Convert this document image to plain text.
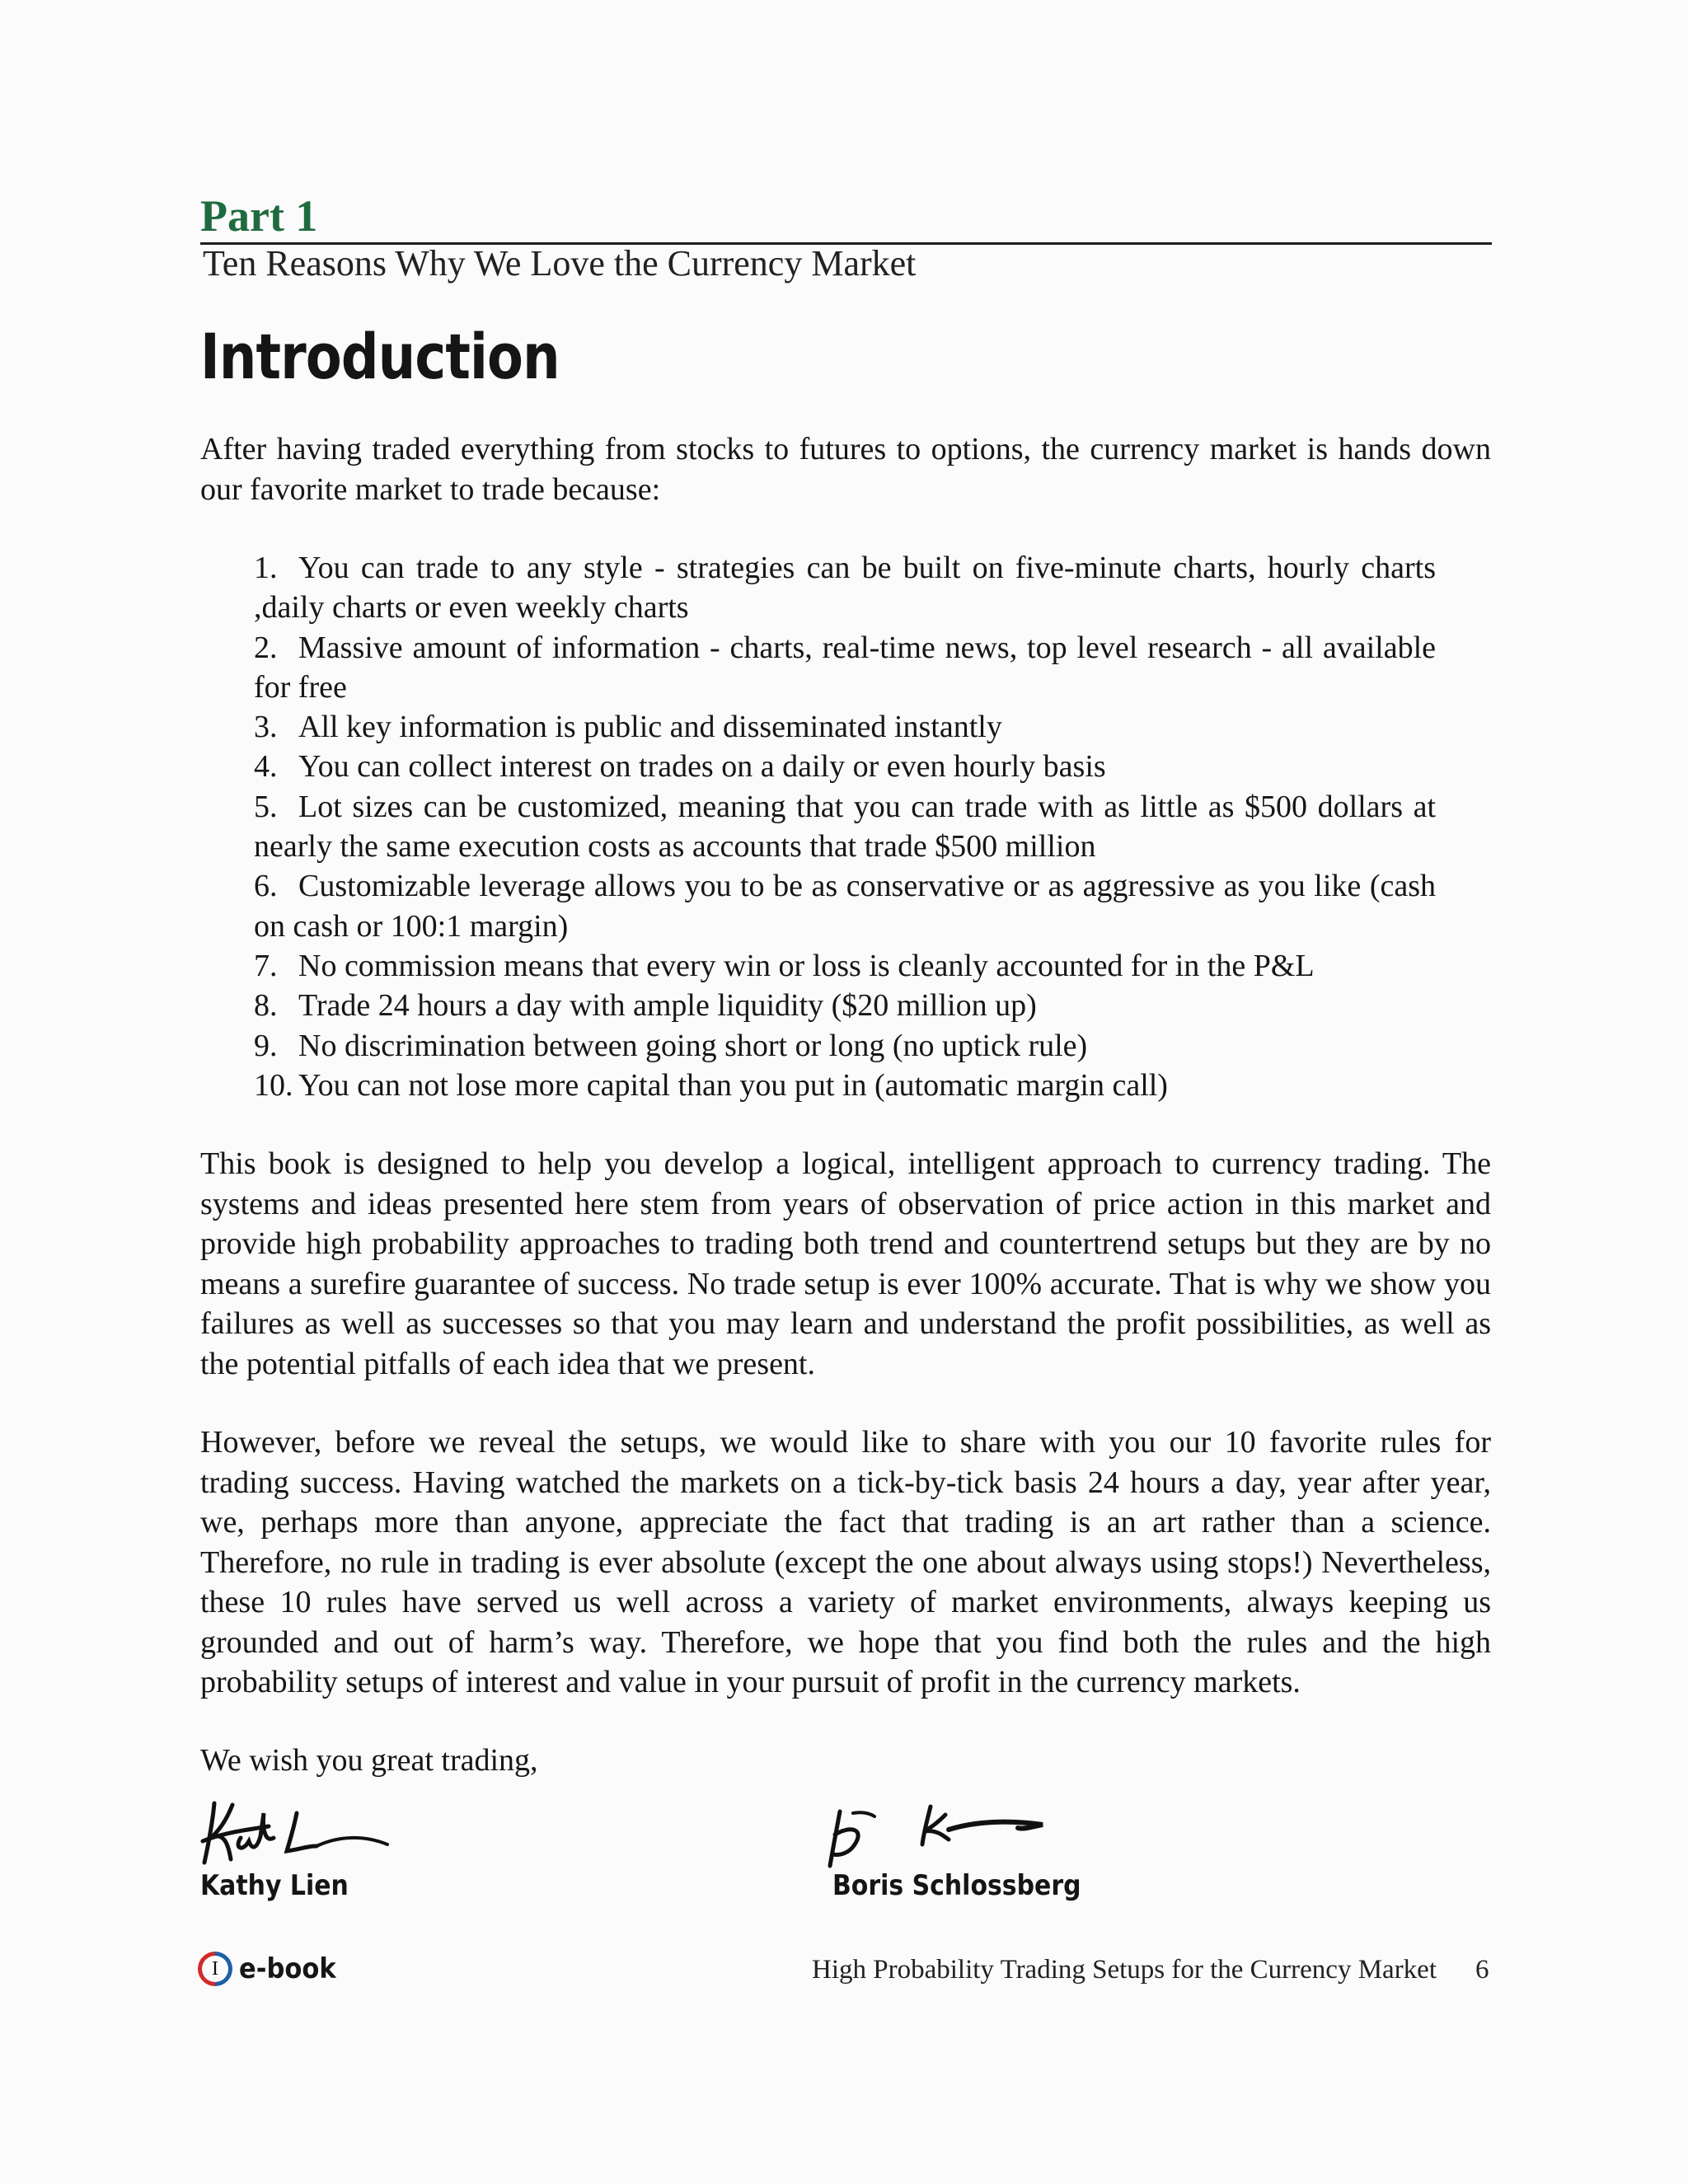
Part 1
Ten Reasons Why We Love the Currency Market
Introduction

After having traded everything from stocks to futures to options, the currency market is hands down our favorite market to trade because:

1. You can trade to any style - strategies can be built on five-minute charts, hourly charts ,daily charts or even weekly charts
2. Massive amount of information - charts, real-time news, top level research - all available for free
3. All key information is public and disseminated instantly
4. You can collect interest on trades on a daily or even hourly basis
5. Lot sizes can be customized, meaning that you can trade with as little as $500 dollars at nearly the same execution costs as accounts that trade $500 million
6. Customizable leverage allows you to be as conservative or as aggressive as you like (cash on cash or 100:1 margin)
7. No commission means that every win or loss is cleanly accounted for in the P&L
8. Trade 24 hours a day with ample liquidity ($20 million up)
9. No discrimination between going short or long (no uptick rule)
10. You can not lose more capital than you put in (automatic margin call)

This book is designed to help you develop a logical, intelligent approach to currency trading. The systems and ideas presented here stem from years of observation of price action in this market and provide high probability approaches to trading both trend and countertrend setups but they are by no means a surefire guarantee of success. No trade setup is ever 100% accurate. That is why we show you failures as well as successes so that you may learn and understand the profit possibilities, as well as the potential pitfalls of each idea that we present.

However, before we reveal the setups, we would like to share with you our 10 favorite rules for trading success. Having watched the markets on a tick-by-tick basis 24 hours a day, year after year, we, perhaps more than anyone, appreciate the fact that trading is an art rather than a science. Therefore, no rule in trading is ever absolute (except the one about always using stops!) Nevertheless, these 10 rules have served us well across a variety of market environments, always keeping us grounded and out of harm’s way. Therefore, we hope that you find both the rules and the high probability setups of interest and value in your pursuit of profit in the currency markets.

We wish you great trading,

Kathy Lien	Boris Schlossberg
I e-book	High Probability Trading Setups for the Currency Market 6
